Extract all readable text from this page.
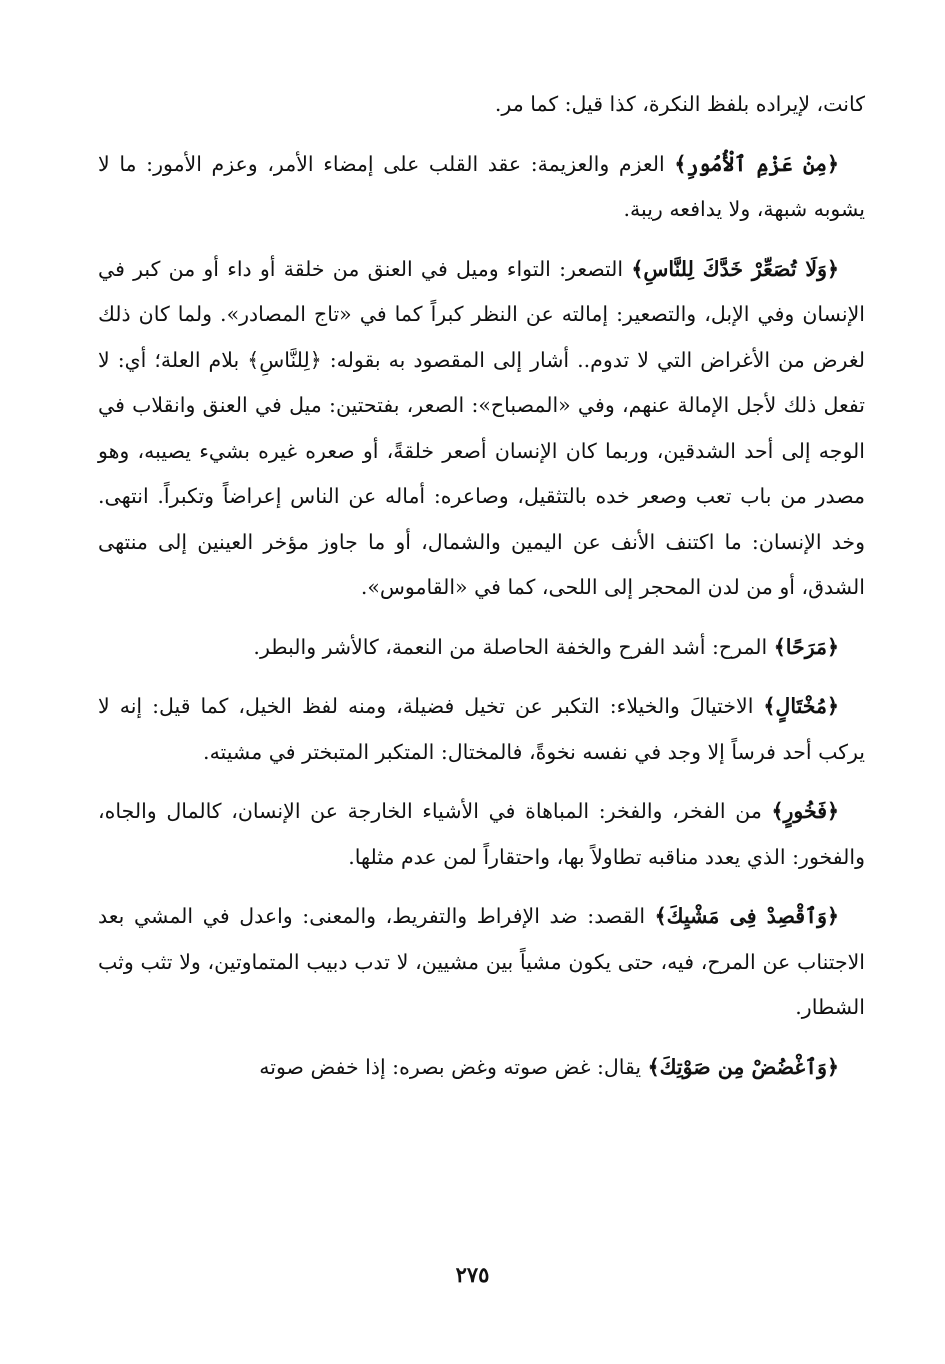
كانت، لإيراده بلفظ النكرة، كذا قيل: كما مر.

﴿مِنْ عَزْمِ ٱلْأُمُورِ﴾ العزم والعزيمة: عقد القلب على إمضاء الأمر، وعزم الأمور: ما لا يشوبه شبهة، ولا يدافعه ريبة.

﴿وَلَا تُصَعِّرْ خَدَّكَ لِلنَّاسِ﴾ التصعر: التواء وميل في العنق من خلقة أو داء أو من كبر في الإنسان وفي الإبل، والتصعير: إمالته عن النظر كبراً كما في «تاج المصادر». ولما كان ذلك لغرض من الأغراض التي لا تدوم.. أشار إلى المقصود به بقوله: ﴿لِلنَّاسِ﴾ بلام العلة؛ أي: لا تفعل ذلك لأجل الإمالة عنهم، وفي «المصباح»: الصعر، بفتحتين: ميل في العنق وانقلاب في الوجه إلى أحد الشدقين، وربما كان الإنسان أصعر خلقةً، أو صعره غيره بشيء يصيبه، وهو مصدر من باب تعب وصعر خده بالتثقيل، وصاعره: أماله عن الناس إعراضاً وتكبراً. انتهى. وخد الإنسان: ما اكتنف الأنف عن اليمين والشمال، أو ما جاوز مؤخر العينين إلى منتهى الشدق، أو من لدن المحجر إلى اللحى، كما في «القاموس».

﴿مَرَحًا﴾ المرح: أشد الفرح والخفة الحاصلة من النعمة، كالأشر والبطر.

﴿مُخْتَالٍ﴾ الاختيالَ والخيلاء: التكبر عن تخيل فضيلة، ومنه لفظ الخيل، كما قيل: إنه لا يركب أحد فرساً إلا وجد في نفسه نخوةً، فالمختال: المتكبر المتبختر في مشيته.

﴿فَخُورٍ﴾ من الفخر، والفخر: المباهاة في الأشياء الخارجة عن الإنسان، كالمال والجاه، والفخور: الذي يعدد مناقبه تطاولاً بها، واحتقاراً لمن عدم مثلها.

﴿وَٱقْصِدْ فِى مَشْيِكَ﴾ القصد: ضد الإفراط والتفريط، والمعنى: واعدل في المشي بعد الاجتناب عن المرح، فيه، حتى يكون مشياً بين مشيين، لا تدب دبيب المتماوتين، ولا تثب وثب الشطار.

﴿وَٱغْضُضْ مِن صَوْتِكَ﴾ يقال: غض صوته وغض بصره: إذا خفض صوته

٢٧٥
